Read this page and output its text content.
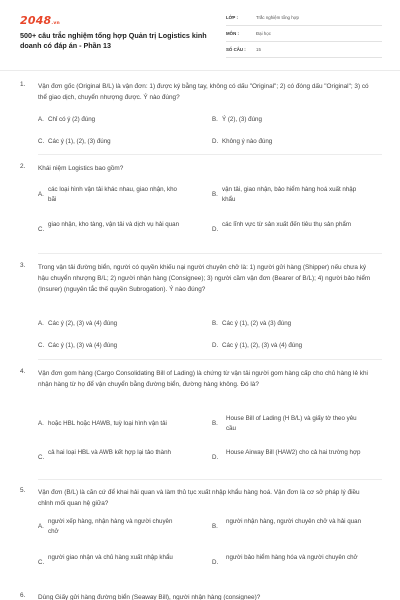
2048.vn
500+ câu trắc nghiệm tổng hợp Quản trị Logistics kinh doanh có đáp án - Phần 13
LỚP :	Trắc nghiệm tổng hợp
MÔN :	Đại học
SỐ CÂU : 15
1. Vận đơn gốc (Original B/L) là vận đơn: 1) được ký bằng tay, không có dấu "Original"; 2) có đóng dấu "Original"; 3) có thể giao dịch, chuyển nhượng được. Ý nào đúng?
A. Chỉ có ý (2) đúng	B. Ý (2), (3) đúng
C. Các ý (1), (2), (3) đúng	D. Không ý nào đúng
2. Khái niệm Logistics bao gồm?
A.
các loại hình vận tải khác nhau, giao nhận, kho bãi
B.
vận tải, giao nhận, bảo hiểm hàng hoá xuất nhập khẩu
C.
giao nhận, kho tàng, vận tải và dịch vụ hải quan
D.
các lĩnh vực từ sản xuất đến tiêu thụ sản phẩm
3. Trong vận tải đường biển, người có quyền khiếu nại người chuyên chở là: 1) người gửi hàng (Shipper) nếu chưa ký hậu chuyển nhượng B/L; 2) người nhận hàng (Consignee); 3) người cầm vận đơn (Bearer of B/L); 4) người bảo hiểm (Insurer) (nguyên tắc thế quyền Subrogation). Ý nào đúng?
A. Các ý (2), (3) và (4) đúng	B. Các ý (1), (2) và (3) đúng
C. Các ý (1), (3) và (4) đúng	D. Các ý (1), (2), (3) và (4) đúng
4. Vận đơn gom hàng (Cargo Consolidating Bill of Lading) là chứng từ vận tải người gom hàng cấp cho chủ hàng lẻ khi nhận hàng từ họ để vận chuyển bằng đường biển, đường hàng không. Đó là?
A. hoặc HBL hoặc HAWB, tuỳ loại hình vận tải	B.
House Bill of Lading (H B/L) và giấy tờ theo yêu cầu
C.
cả hai loại HBL và AWB kết hợp lại tảo thành
D.
House Airway Bill (HAW2) cho cả hai trường hợp
5. Vận đơn (B/L) là căn cứ để khai hải quan và làm thủ tục xuất nhập khẩu hàng hoá. Vận đơn là cơ sở pháp lý điều chỉnh mối quan hệ giữa?
A.
người xếp hàng, nhận hàng và người chuyên chở
B.
người nhận hàng, người chuyên chở và hải quan
C.
người giao nhận và chủ hàng xuất nhập khẩu
D.
người bảo hiểm hàng hóa và người chuyên chở
6. Dùng Giấy gửi hàng đường biển (Seaway Bill), người nhận hàng (consignee)?
